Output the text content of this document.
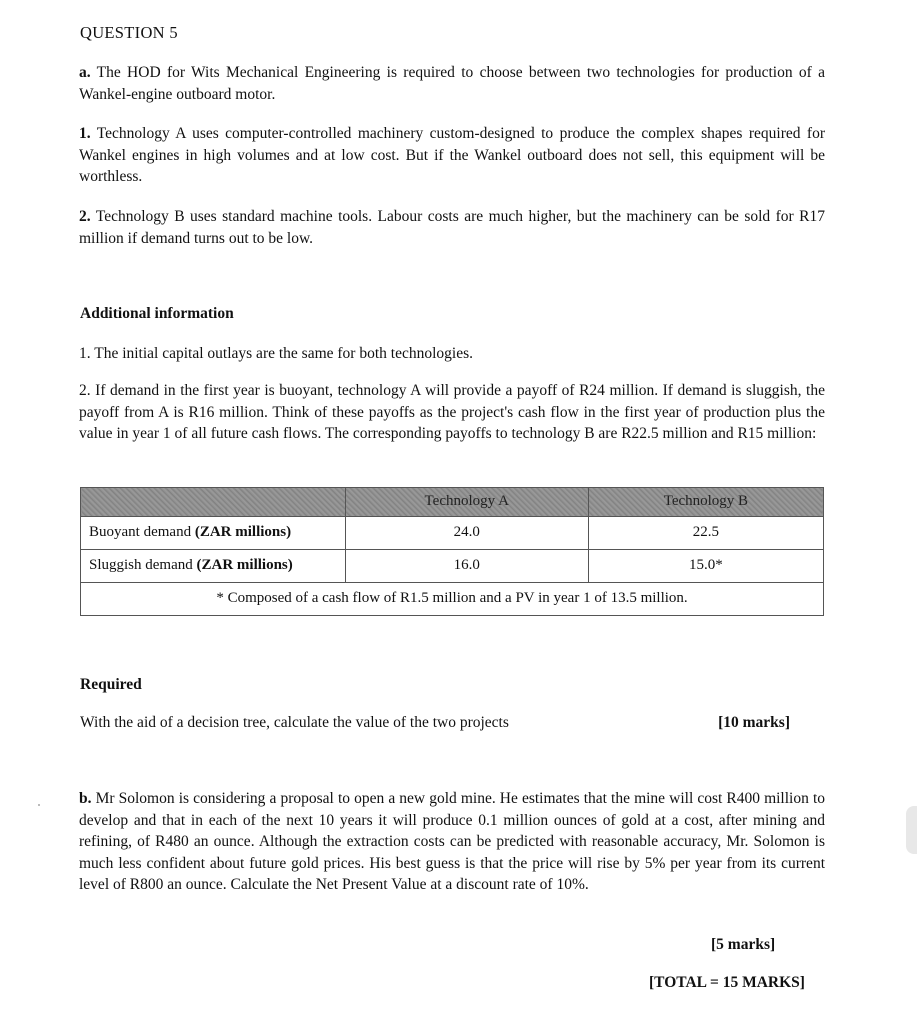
QUESTION 5
a. The HOD for Wits Mechanical Engineering is required to choose between two technologies for production of a Wankel-engine outboard motor.
1. Technology A uses computer-controlled machinery custom-designed to produce the complex shapes required for Wankel engines in high volumes and at low cost. But if the Wankel outboard does not sell, this equipment will be worthless.
2. Technology B uses standard machine tools. Labour costs are much higher, but the machinery can be sold for R17 million if demand turns out to be low.
Additional information
1. The initial capital outlays are the same for both technologies.
2. If demand in the first year is buoyant, technology A will provide a payoff of R24 million. If demand is sluggish, the payoff from A is R16 million. Think of these payoffs as the project's cash flow in the first year of production plus the value in year 1 of all future cash flows. The corresponding payoffs to technology B are R22.5 million and R15 million:
	Technology A	Technology B
Buoyant demand (ZAR millions)	24.0	22.5
Sluggish demand (ZAR millions)	16.0	15.0*
* Composed of a cash flow of R1.5 million and a PV in year 1 of 13.5 million.		
Required
With the aid of a decision tree, calculate the value of the two projects	[10 marks]
b. Mr Solomon is considering a proposal to open a new gold mine. He estimates that the mine will cost R400 million to develop and that in each of the next 10 years it will produce 0.1 million ounces of gold at a cost, after mining and refining, of R480 an ounce. Although the extraction costs can be predicted with reasonable accuracy, Mr. Solomon is much less confident about future gold prices. His best guess is that the price will rise by 5% per year from its current level of R800 an ounce. Calculate the Net Present Value at a discount rate of 10%.
[5 marks]
[TOTAL = 15 MARKS]
